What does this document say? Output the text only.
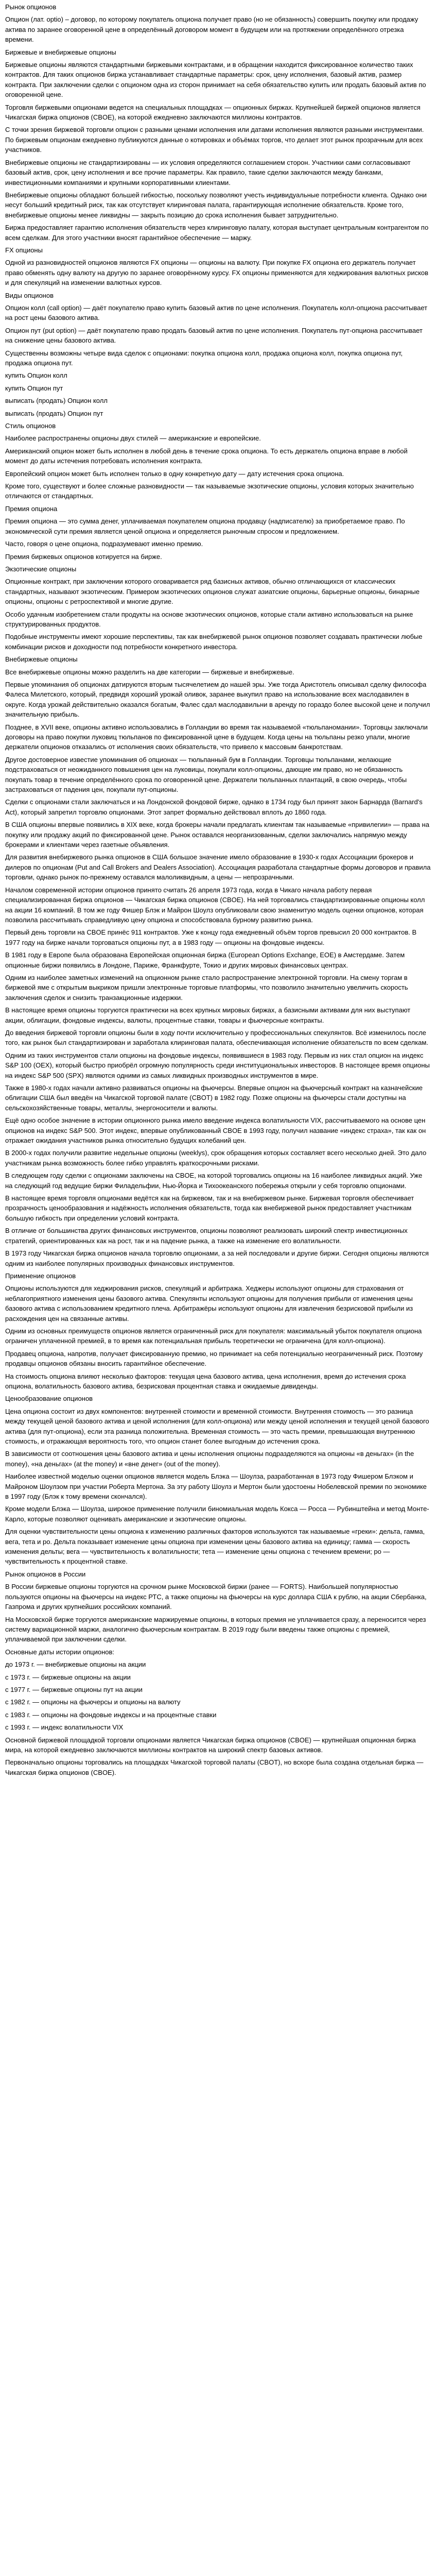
Рынок опционов

Опцион (лат. optio) – договор, по которому покупатель опциона получает право (но не обязанность) совершить покупку или продажу актива по заранее оговоренной цене в определённый договором момент в будущем или на протяжении определённого отрезка времени.

Биржевые и внебиржевые опционы

Биржевые опционы являются стандартными биржевыми контрактами, и в обращении находится фиксированное количество таких контрактов. Для таких опционов биржа устанавливает стандартные параметры: срок, цену исполнения, базовый актив, размер контракта. При заключении сделки с опционом одна из сторон принимает на себя обязательство купить или продать базовый актив по оговоренной цене.

Торговля биржевыми опционами ведется на специальных площадках — опционных биржах. Крупнейшей биржей опционов является Чикагская биржа опционов (CBOE), на которой ежедневно заключаются миллионы контрактов.

С точки зрения биржевой торговли опцион с разными ценами исполнения или датами исполнения являются разными инструментами. По биржевым опционам ежедневно публикуются данные о котировках и объёмах торгов, что делает этот рынок прозрачным для всех участников.

Внебиржевые опционы не стандартизированы — их условия определяются соглашением сторон. Участники сами согласовывают базовый актив, срок, цену исполнения и все прочие параметры. Как правило, такие сделки заключаются между банками, инвестиционными компаниями и крупными корпоративными клиентами.

Внебиржевые опционы обладают большей гибкостью, поскольку позволяют учесть индивидуальные потребности клиента. Однако они несут больший кредитный риск, так как отсутствует клиринговая палата, гарантирующая исполнение обязательств. Кроме того, внебиржевые опционы менее ликвидны — закрыть позицию до срока исполнения бывает затруднительно.

Биржа предоставляет гарантию исполнения обязательств через клиринговую палату, которая выступает центральным контрагентом по всем сделкам. Для этого участники вносят гарантийное обеспечение — маржу.

FX опционы

Одной из разновидностей опционов являются FX опционы — опционы на валюту. При покупке FX опциона его держатель получает право обменять одну валюту на другую по заранее оговорённому курсу. FX опционы применяются для хеджирования валютных рисков и для спекуляций на изменении валютных курсов.

Виды опционов

Опцион колл (call option) — даёт покупателю право купить базовый актив по цене исполнения. Покупатель колл-опциона рассчитывает на рост цены базового актива.

Опцион пут (put option) — даёт покупателю право продать базовый актив по цене исполнения. Покупатель пут-опциона рассчитывает на снижение цены базового актива.

Существенны возможны четыре вида сделок с опционами: покупка опциона колл, продажа опциона колл, покупка опциона пут, продажа опциона пут.

купить Опцион колл

купить Опцион пут

выписать (продать) Опцион колл

выписать (продать) Опцион пут

Стиль опционов

Наиболее распространены опционы двух стилей — американские и европейские.

Американский опцион может быть исполнен в любой день в течение срока опциона. То есть держатель опциона вправе в любой момент до даты истечения потребовать исполнения контракта.

Европейский опцион может быть исполнен только в одну конкретную дату — дату истечения срока опциона.

Кроме того, существуют и более сложные разновидности — так называемые экзотические опционы, условия которых значительно отличаются от стандартных.

Премия опциона

Премия опциона — это сумма денег, уплачиваемая покупателем опциона продавцу (надписателю) за приобретаемое право. По экономической сути премия является ценой опциона и определяется рыночным спросом и предложением.

Часто, говоря о цене опциона, подразумевают именно премию.

Премия биржевых опционов котируется на бирже.

Экзотические опционы

Опционные контракт, при заключении которого оговаривается ряд базисных активов, обычно отличающихся от классических стандартных, называют экзотическим. Примером экзотических опционов служат азиатские опционы, барьерные опционы, бинарные опционы, опционы с ретроспективой и многие другие.

Особо удачным изобретением стали продукты на основе экзотических опционов, которые стали активно использоваться на рынке структурированных продуктов.

Подобные инструменты имеют хорошие перспективы, так как внебиржевой рынок опционов позволяет создавать практически любые комбинации рисков и доходности под потребности конкретного инвестора.

Внебиржевые опционы

Все внебиржевые опционы можно разделить на две категории — биржевые и внебиржевые.

Первые упоминания об опционах датируются вторым тысячелетием до нашей эры. Уже тогда Аристотель описывал сделку философа Фалеса Милетского, который, предвидя хороший урожай оливок, заранее выкупил право на использование всех маслодавилен в округе. Когда урожай действительно оказался богатым, Фалес сдал маслодавильни в аренду по гораздо более высокой цене и получил значительную прибыль.

Позднее, в XVII веке, опционы активно использовались в Голландии во время так называемой «тюльпаномании». Торговцы заключали договоры на право покупки луковиц тюльпанов по фиксированной цене в будущем. Когда цены на тюльпаны резко упали, многие держатели опционов отказались от исполнения своих обязательств, что привело к массовым банкротствам.

Другое достоверное известие упоминания об опционах — тюльпанный бум в Голландии. Торговцы тюльпанами, желающие подстраховаться от неожиданного повышения цен на луковицы, покупали колл-опционы, дающие им право, но не обязанность покупать товар в течение определённого срока по оговоренной цене. Держатели тюльпанных плантаций, в свою очередь, чтобы застраховаться от падения цен, покупали пут-опционы.

Сделки с опционами стали заключаться и на Лондонской фондовой бирже, однако в 1734 году был принят закон Барнарда (Barnard's Act), который запретил торговлю опционами. Этот запрет формально действовал вплоть до 1860 года.

В США опционы впервые появились в XIX веке, когда брокеры начали предлагать клиентам так называемые «привилегии» — права на покупку или продажу акций по фиксированной цене. Рынок оставался неорганизованным, сделки заключались напрямую между брокерами и клиентами через газетные объявления.

Для развития внебиржевого рынка опционов в США большое значение имело образование в 1930-х годах Ассоциации брокеров и дилеров по опционам (Put and Call Brokers and Dealers Association). Ассоциация разработала стандартные формы договоров и правила торговли, однако рынок по-прежнему оставался малоликвидным, а цены — непрозрачными.

Началом современной истории опционов принято считать 26 апреля 1973 года, когда в Чикаго начала работу первая специализированная биржа опционов — Чикагская биржа опционов (CBOE). На ней торговались стандартизированные опционы колл на акции 16 компаний. В том же году Фишер Блэк и Майрон Шоулз опубликовали свою знаменитую модель оценки опционов, которая позволила рассчитывать справедливую цену опциона и способствовала бурному развитию рынка.

Первый день торговли на CBOE принёс 911 контрактов. Уже к концу года ежедневный объём торгов превысил 20 000 контрактов. В 1977 году на бирже начали торговаться опционы пут, а в 1983 году — опционы на фондовые индексы.

В 1981 году в Европе была образована Европейская опционная биржа (European Options Exchange, EOE) в Амстердаме. Затем опционные биржи появились в Лондоне, Париже, Франкфурте, Токио и других мировых финансовых центрах.

Одним из наиболее заметных изменений на опционном рынке стало распространение электронной торговли. На смену торгам в биржевой яме с открытым выкриком пришли электронные торговые платформы, что позволило значительно увеличить скорость заключения сделок и снизить транзакционные издержки.

В настоящее время опционы торгуются практически на всех крупных мировых биржах, а базисными активами для них выступают акции, облигации, фондовые индексы, валюты, процентные ставки, товары и фьючерсные контракты.

До введения биржевой торговли опционы были в ходу почти исключительно у профессиональных спекулянтов. Всё изменилось после того, как рынок был стандартизирован и заработала клиринговая палата, обеспечивающая исполнение обязательств по всем сделкам.

Одним из таких инструментов стали опционы на фондовые индексы, появившиеся в 1983 году. Первым из них стал опцион на индекс S&P 100 (OEX), который быстро приобрёл огромную популярность среди институциональных инвесторов. В настоящее время опционы на индекс S&P 500 (SPX) являются одними из самых ликвидных производных инструментов в мире.

Также в 1980-х годах начали активно развиваться опционы на фьючерсы. Впервые опцион на фьючерсный контракт на казначейские облигации США был введён на Чикагской торговой палате (CBOT) в 1982 году. Позже опционы на фьючерсы стали доступны на сельскохозяйственные товары, металлы, энергоносители и валюты.

Ещё одно особое значение в истории опционного рынка имело введение индекса волатильности VIX, рассчитываемого на основе цен опционов на индекс S&P 500. Этот индекс, впервые опубликованный CBOE в 1993 году, получил название «индекс страха», так как он отражает ожидания участников рынка относительно будущих колебаний цен.

В 2000-х годах получили развитие недельные опционы (weeklys), срок обращения которых составляет всего несколько дней. Это дало участникам рынка возможность более гибко управлять краткосрочными рисками.

В следующем году сделки с опционами заключены на CBOE, на которой торговались опционы на 16 наиболее ликвидных акций. Уже на следующий год ведущие биржи Филадельфии, Нью-Йорка и Тихоокеанского побережья открыли у себя торговлю опционами.

В настоящее время торговля опционами ведётся как на биржевом, так и на внебиржевом рынке. Биржевая торговля обеспечивает прозрачность ценообразования и надёжность исполнения обязательств, тогда как внебиржевой рынок предоставляет участникам большую гибкость при определении условий контракта.

В отличие от большинства других финансовых инструментов, опционы позволяют реализовать широкий спектр инвестиционных стратегий, ориентированных как на рост, так и на падение рынка, а также на изменение его волатильности.

В 1973 году Чикагская биржа опционов начала торговлю опционами, а за ней последовали и другие биржи. Сегодня опционы являются одним из наиболее популярных производных финансовых инструментов.

Применение опционов

Опционы используются для хеджирования рисков, спекуляций и арбитража. Хеджеры используют опционы для страхования от неблагоприятного изменения цены базового актива. Спекулянты используют опционы для получения прибыли от изменения цены базового актива с использованием кредитного плеча. Арбитражёры используют опционы для извлечения безрисковой прибыли из расхождения цен на связанные активы.

Одним из основных преимуществ опционов является ограниченный риск для покупателя: максимальный убыток покупателя опциона ограничен уплаченной премией, в то время как потенциальная прибыль теоретически не ограничена (для колл-опциона).

Продавец опциона, напротив, получает фиксированную премию, но принимает на себя потенциально неограниченный риск. Поэтому продавцы опционов обязаны вносить гарантийное обеспечение.

На стоимость опциона влияют несколько факторов: текущая цена базового актива, цена исполнения, время до истечения срока опциона, волатильность базового актива, безрисковая процентная ставка и ожидаемые дивиденды.

Ценообразование опционов

Цена опциона состоит из двух компонентов: внутренней стоимости и временной стоимости. Внутренняя стоимость — это разница между текущей ценой базового актива и ценой исполнения (для колл-опциона) или между ценой исполнения и текущей ценой базового актива (для пут-опциона), если эта разница положительна. Временная стоимость — это часть премии, превышающая внутреннюю стоимость, и отражающая вероятность того, что опцион станет более выгодным до истечения срока.

В зависимости от соотношения цены базового актива и цены исполнения опционы подразделяются на опционы «в деньгах» (in the money), «на деньгах» (at the money) и «вне денег» (out of the money).

Наиболее известной моделью оценки опционов является модель Блэка — Шоулза, разработанная в 1973 году Фишером Блэком и Майроном Шоулзом при участии Роберта Мертона. За эту работу Шоулз и Мертон были удостоены Нобелевской премии по экономике в 1997 году (Блэк к тому времени скончался).

Кроме модели Блэка — Шоулза, широкое применение получили биномиальная модель Кокса — Росса — Рубинштейна и метод Монте-Карло, которые позволяют оценивать американские и экзотические опционы.

Для оценки чувствительности цены опциона к изменению различных факторов используются так называемые «греки»: дельта, гамма, вега, тета и ро. Дельта показывает изменение цены опциона при изменении цены базового актива на единицу; гамма — скорость изменения дельты; вега — чувствительность к волатильности; тета — изменение цены опциона с течением времени; ро — чувствительность к процентной ставке.

Рынок опционов в России

В России биржевые опционы торгуются на срочном рынке Московской биржи (ранее — FORTS). Наибольшей популярностью пользуются опционы на фьючерсы на индекс РТС, а также опционы на фьючерсы на курс доллара США к рублю, на акции Сбербанка, Газпрома и других крупнейших российских компаний.

На Московской бирже торгуются американские маржируемые опционы, в которых премия не уплачивается сразу, а переносится через систему вариационной маржи, аналогично фьючерсным контрактам. В 2019 году были введены также опционы с премией, уплачиваемой при заключении сделки.

Основные даты истории опционов:

до 1973 г. — внебиржевые опционы на акции

с 1973 г. — биржевые опционы на акции

с 1977 г. — биржевые опционы пут на акции

с 1982 г. — опционы на фьючерсы и опционы на валюту

с 1983 г. — опционы на фондовые индексы и на процентные ставки

с 1993 г. — индекс волатильности VIX

Основной биржевой площадкой торговли опционами является Чикагская биржа опционов (CBOE) — крупнейшая опционная биржа мира, на которой ежедневно заключаются миллионы контрактов на широкий спектр базовых активов.

Первоначально опционы торговались на площадках Чикагской торговой палаты (CBOT), но вскоре была создана отдельная биржа — Чикагская биржа опционов (CBOE).
